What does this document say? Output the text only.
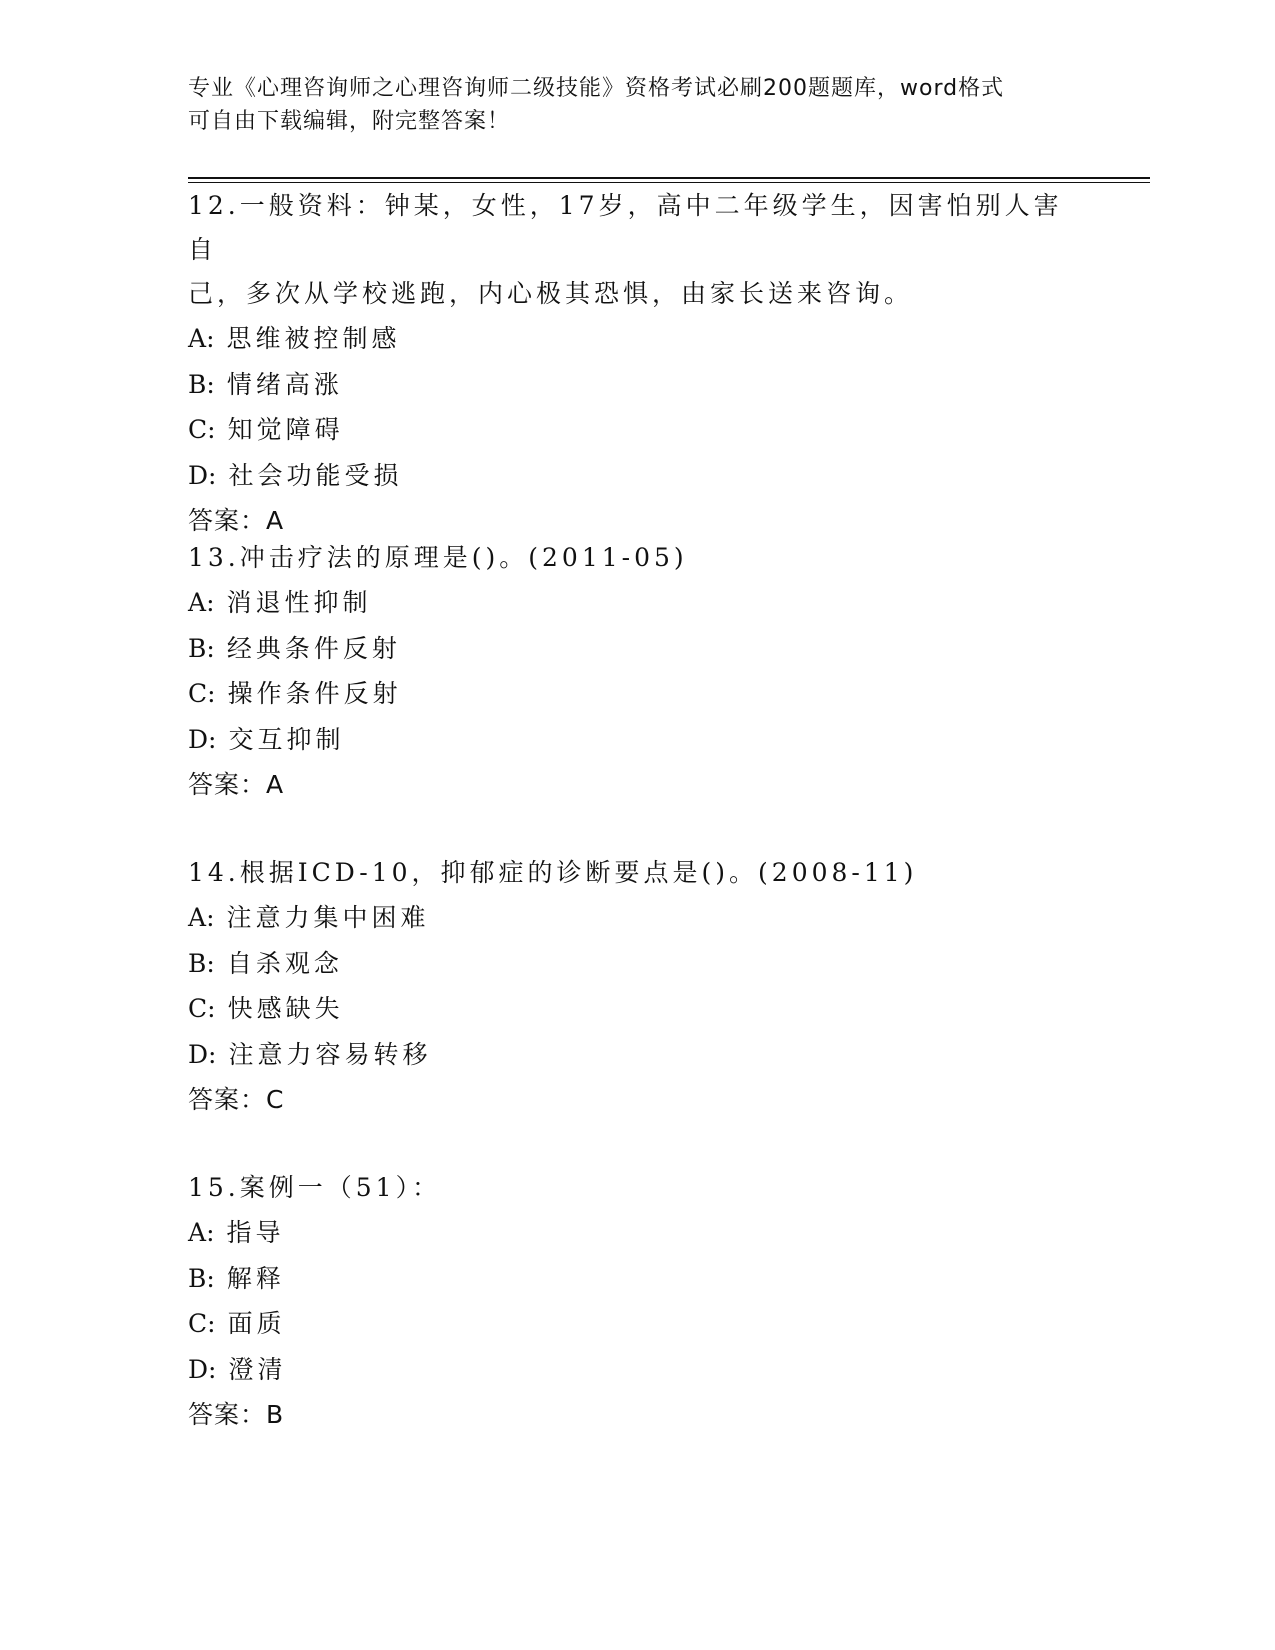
专业《心理咨询师之心理咨询师二级技能》资格考试必刷200题题库，word格式
可自由下载编辑，附完整答案！

12.一般资料：钟某，女性，17岁，高中二年级学生，因害怕别人害自

己，多次从学校逃跑，内心极其恐惧，由家长送来咨询。

A: 思维被控制感

B: 情绪高涨

C: 知觉障碍

D: 社会功能受损

答案：A

13.冲击疗法的原理是()。(2011-05)

A: 消退性抑制

B: 经典条件反射

C: 操作条件反射

D: 交互抑制

答案：A

14.根据ICD-10，抑郁症的诊断要点是()。(2008-11)

A: 注意力集中困难

B: 自杀观念

C: 快感缺失

D: 注意力容易转移

答案：C

15.案例一（51）：

A: 指导

B: 解释

C: 面质

D: 澄清

答案：B
